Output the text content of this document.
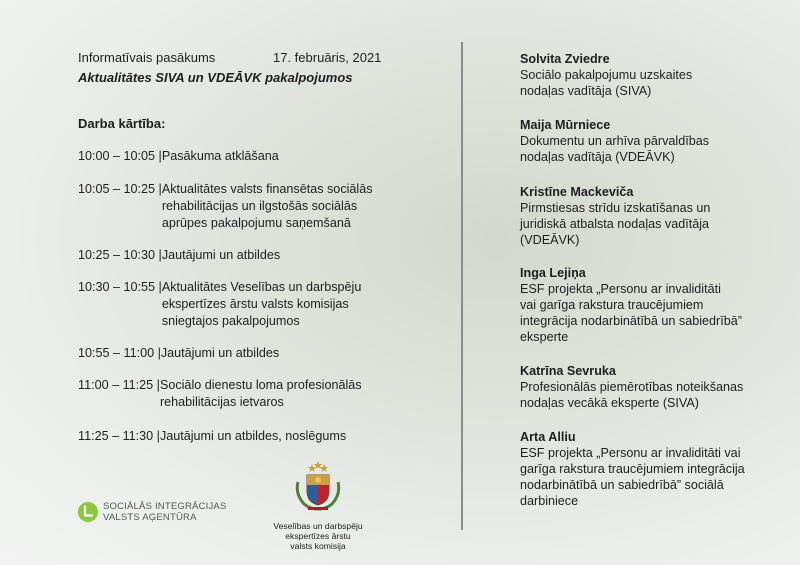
Informatīvais pasākums	17. februāris, 2021
Aktualitātes SIVA un VDEĀVK pakalpojumos
Darba kārtība:
10:00 – 10:05 | Pasākuma atklāšana
10:05 – 10:25 | Aktualitātes valsts finansētas sociālās
rehabilitācijas un ilgstošās sociālās
aprūpes pakalpojumu saņemšanā
10:25 – 10:30 | Jautājumi un atbildes
10:30 – 10:55 | Aktualitātes Veselības un darbspēju
ekspertīzes ārstu valsts komisijas
sniegtajos pakalpojumos
10:55 – 11:00 | Jautājumi un atbildes
11:00 – 11:25 | Sociālo dienestu loma profesionālās
rehabilitācijas ietvaros
11:25 – 11:30 | Jautājumi un atbildes, noslēgums
Solvita Zviedre
Sociālo pakalpojumu uzskaites
nodaļas vadītāja (SIVA)
Maija Mūrniece
Dokumentu un arhīva pārvaldības
nodaļas vadītāja (VDEĀVK)
Kristīne Mackeviča
Pirmstiesas strīdu izskatīšanas un
juridiskā atbalsta nodaļas vadītāja
(VDEĀVK)
Inga Lejiņa
ESF projekta „Personu ar invaliditāti
vai garīga rakstura traucējumiem
integrācija nodarbinātībā un sabiedrībā”
eksperte
Katrīna Sevruka
Profesionālās piemērotības noteikšanas
nodaļas vecākā eksperte (SIVA)
Arta Alliu
ESF projekta „Personu ar invaliditāti vai
garīga rakstura traucējumiem integrācija
nodarbinātībā un sabiedrībā” sociālā
darbiniece
SOCIĀLĀS INTEGRĀCIJAS
VALSTS AĢENTŪRA
Veselības un darbspēju
ekspertīzes ārstu
valsts komisija
